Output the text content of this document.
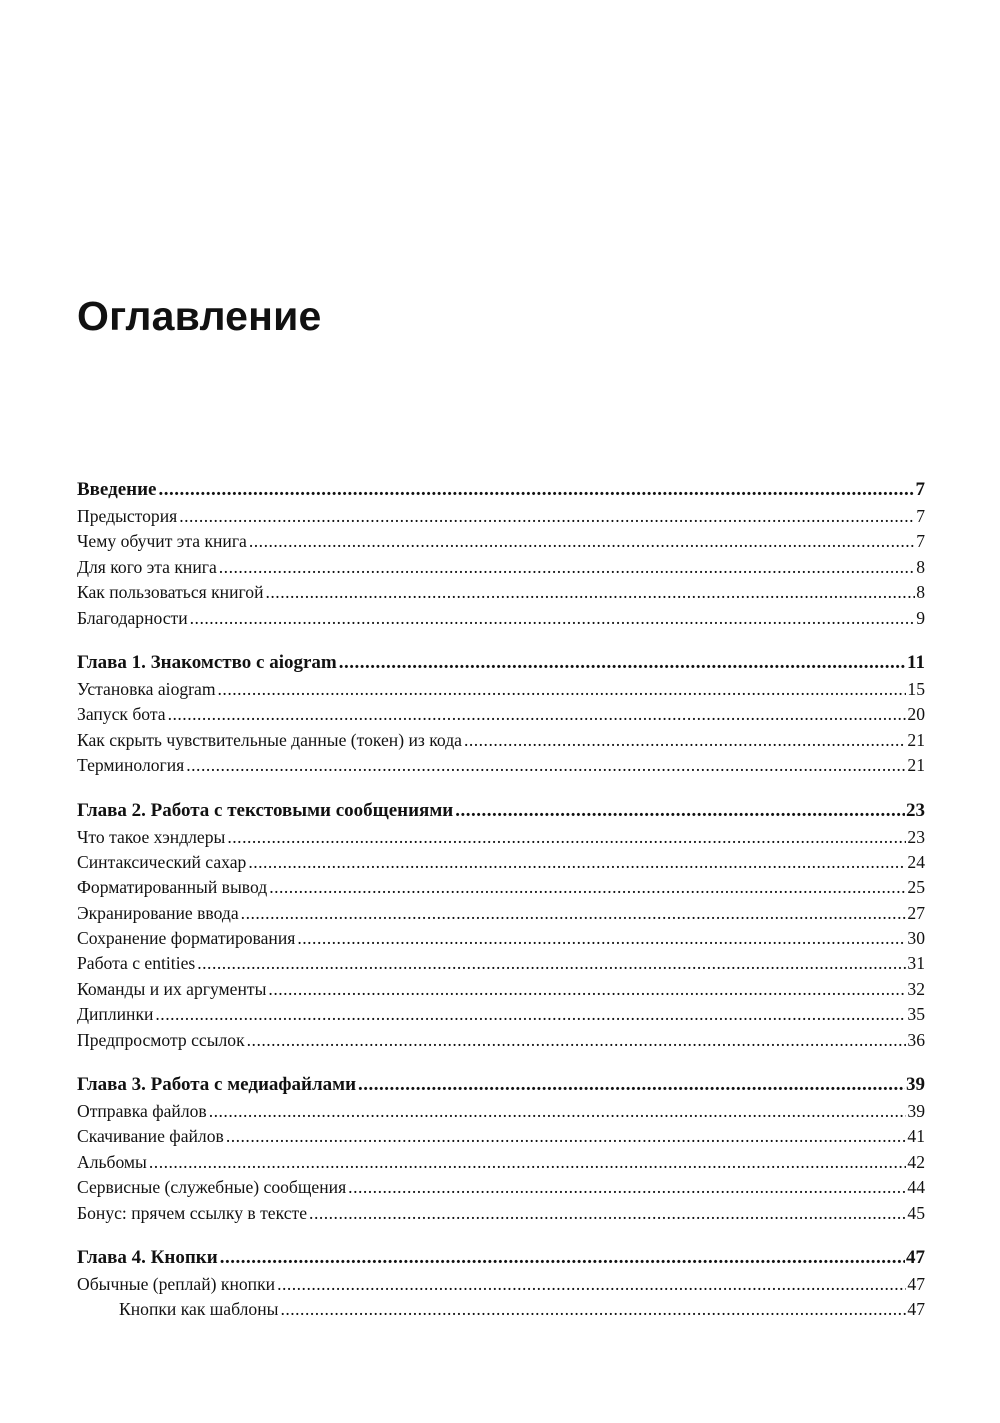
Оглавление
Введение .....	7
Предыстория .....	7
Чему обучит эта книга .....	7
Для кого эта книга .....	8
Как пользоваться книгой .....	8
Благодарности .....	9
Глава 1. Знакомство с aiogram .....	11
Установка aiogram .....	15
Запуск бота .....	20
Как скрыть чувствительные данные (токен) из кода .....	21
Терминология .....	21
Глава 2. Работа с текстовыми сообщениями .....	23
Что такое хэндлеры .....	23
Синтаксический сахар .....	24
Форматированный вывод .....	25
Экранирование ввода .....	27
Сохранение форматирования .....	30
Работа с entities .....	31
Команды и их аргументы .....	32
Диплинки .....	35
Предпросмотр ссылок .....	36
Глава 3. Работа с медиафайлами .....	39
Отправка файлов .....	39
Скачивание файлов .....	41
Альбомы .....	42
Сервисные (служебные) сообщения .....	44
Бонус: прячем ссылку в тексте .....	45
Глава 4. Кнопки .....	47
Обычные (реплай) кнопки .....	47
Кнопки как шаблоны .....	47
